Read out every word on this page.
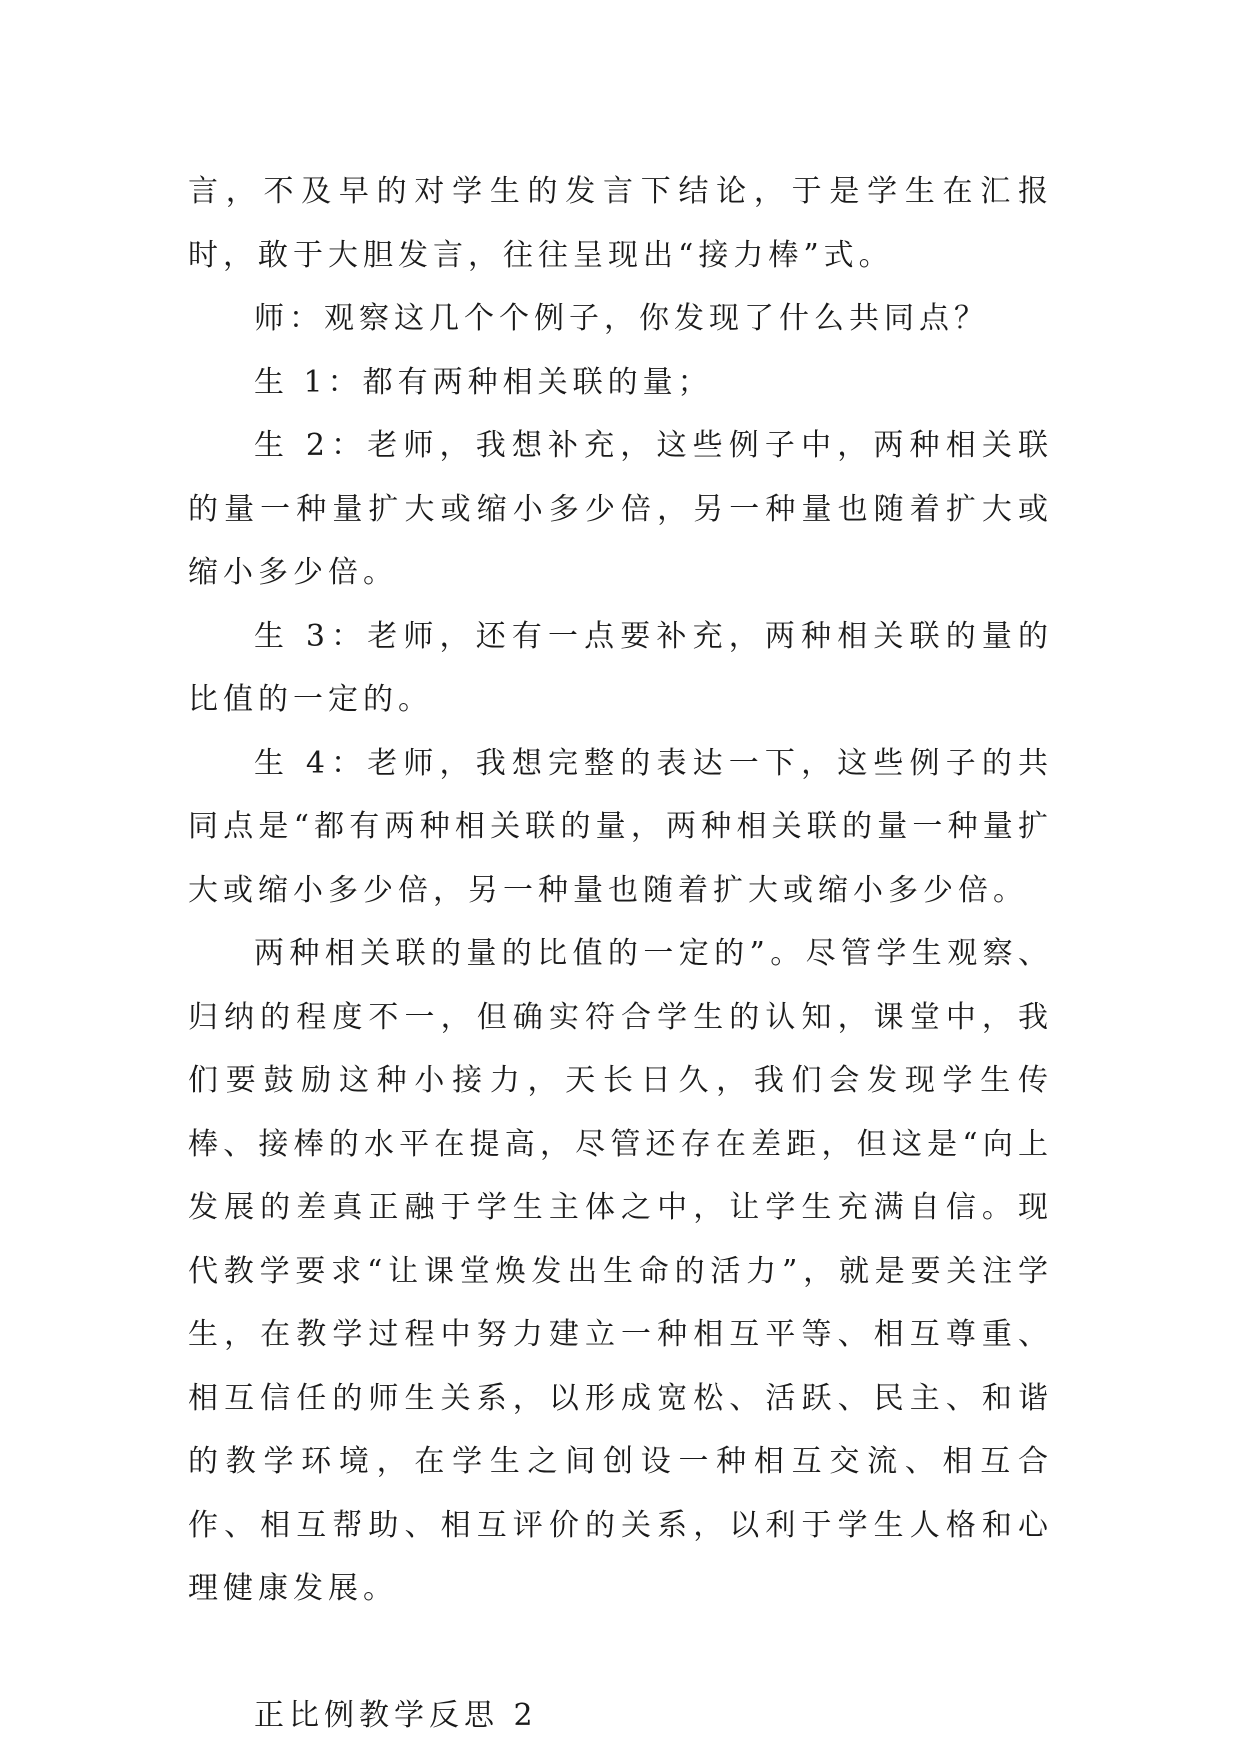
言，不及早的对学生的发言下结论，于是学生在汇报时，敢于大胆发言，往往呈现出“接力棒”式。

师：观察这几个个例子，你发现了什么共同点？

生 1：都有两种相关联的量；

生 2：老师，我想补充，这些例子中，两种相关联的量一种量扩大或缩小多少倍，另一种量也随着扩大或缩小多少倍。

生 3：老师，还有一点要补充，两种相关联的量的比值的一定的。

生 4：老师，我想完整的表达一下，这些例子的共同点是“都有两种相关联的量，两种相关联的量一种量扩大或缩小多少倍，另一种量也随着扩大或缩小多少倍。

两种相关联的量的比值的一定的”。尽管学生观察、归纳的程度不一，但确实符合学生的认知，课堂中，我们要鼓励这种小接力，天长日久，我们会发现学生传棒、接棒的水平在提高，尽管还存在差距，但这是“向上发展的差真正融于学生主体之中，让学生充满自信。现代教学要求“让课堂焕发出生命的活力”，就是要关注学生，在教学过程中努力建立一种相互平等、相互尊重、相互信任的师生关系，以形成宽松、活跃、民主、和谐的教学环境，在学生之间创设一种相互交流、相互合作、相互帮助、相互评价的关系，以利于学生人格和心理健康发展。

正比例教学反思 2
